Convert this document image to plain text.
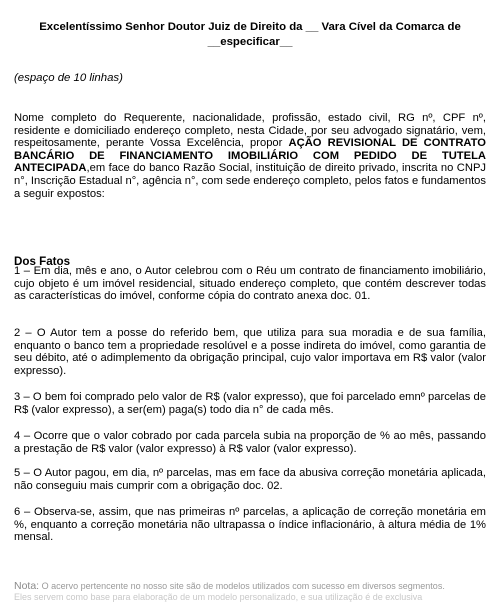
Excelentíssimo Senhor Doutor Juiz de Direito da __ Vara Cível da Comarca de __especificar__
(espaço de 10 linhas)
Nome completo do Requerente, nacionalidade, profissão, estado civil, RG nº, CPF nº, residente e domiciliado endereço completo, nesta Cidade, por seu advogado signatário, vem, respeitosamente, perante Vossa Excelência, propor AÇÃO REVISIONAL DE CONTRATO BANCÁRIO DE FINANCIAMENTO IMOBILIÁRIO COM PEDIDO DE TUTELA ANTECIPADA,em face do banco Razão Social, instituição de direito privado, inscrita no CNPJ n°, Inscrição Estadual n°, agência n°, com sede endereço completo, pelos fatos e fundamentos a seguir expostos:
Dos Fatos
1 – Em dia, mês e ano, o Autor celebrou com o Réu um contrato de financiamento imobiliário, cujo objeto é um imóvel residencial, situado endereço completo, que contém descrever todas as características do imóvel, conforme cópia do contrato anexa doc. 01.
2 – O Autor tem a posse do referido bem, que utiliza para sua moradia e de sua família, enquanto o banco tem a propriedade resolúvel e a posse indireta do imóvel, como garantia de seu débito, até o adimplemento da obrigação principal, cujo valor importava em R$ valor (valor expresso).
3 – O bem foi comprado pelo valor de R$ (valor expresso), que foi parcelado emnº parcelas de R$ (valor expresso), a ser(em) paga(s) todo dia n° de cada mês.
4 – Ocorre que o valor cobrado por cada parcela subia na proporção de % ao mês, passando a prestação de R$ valor (valor expresso) à R$ valor (valor expresso).
5 – O Autor pagou, em dia, nº parcelas, mas em face da abusiva correção monetária aplicada, não conseguiu mais cumprir com a obrigação doc. 02.
6 – Observa-se, assim, que nas primeiras nº parcelas, a aplicação de correção monetária em %, enquanto a correção monetária não ultrapassa o índice inflacionário, à altura média de 1% mensal.
Nota: O acervo pertencente no nosso site são de modelos utilizados com sucesso em diversos segmentos.
Eles servem como base para elaboração de um modelo personalizado, e sua utilização é de exclusiva
